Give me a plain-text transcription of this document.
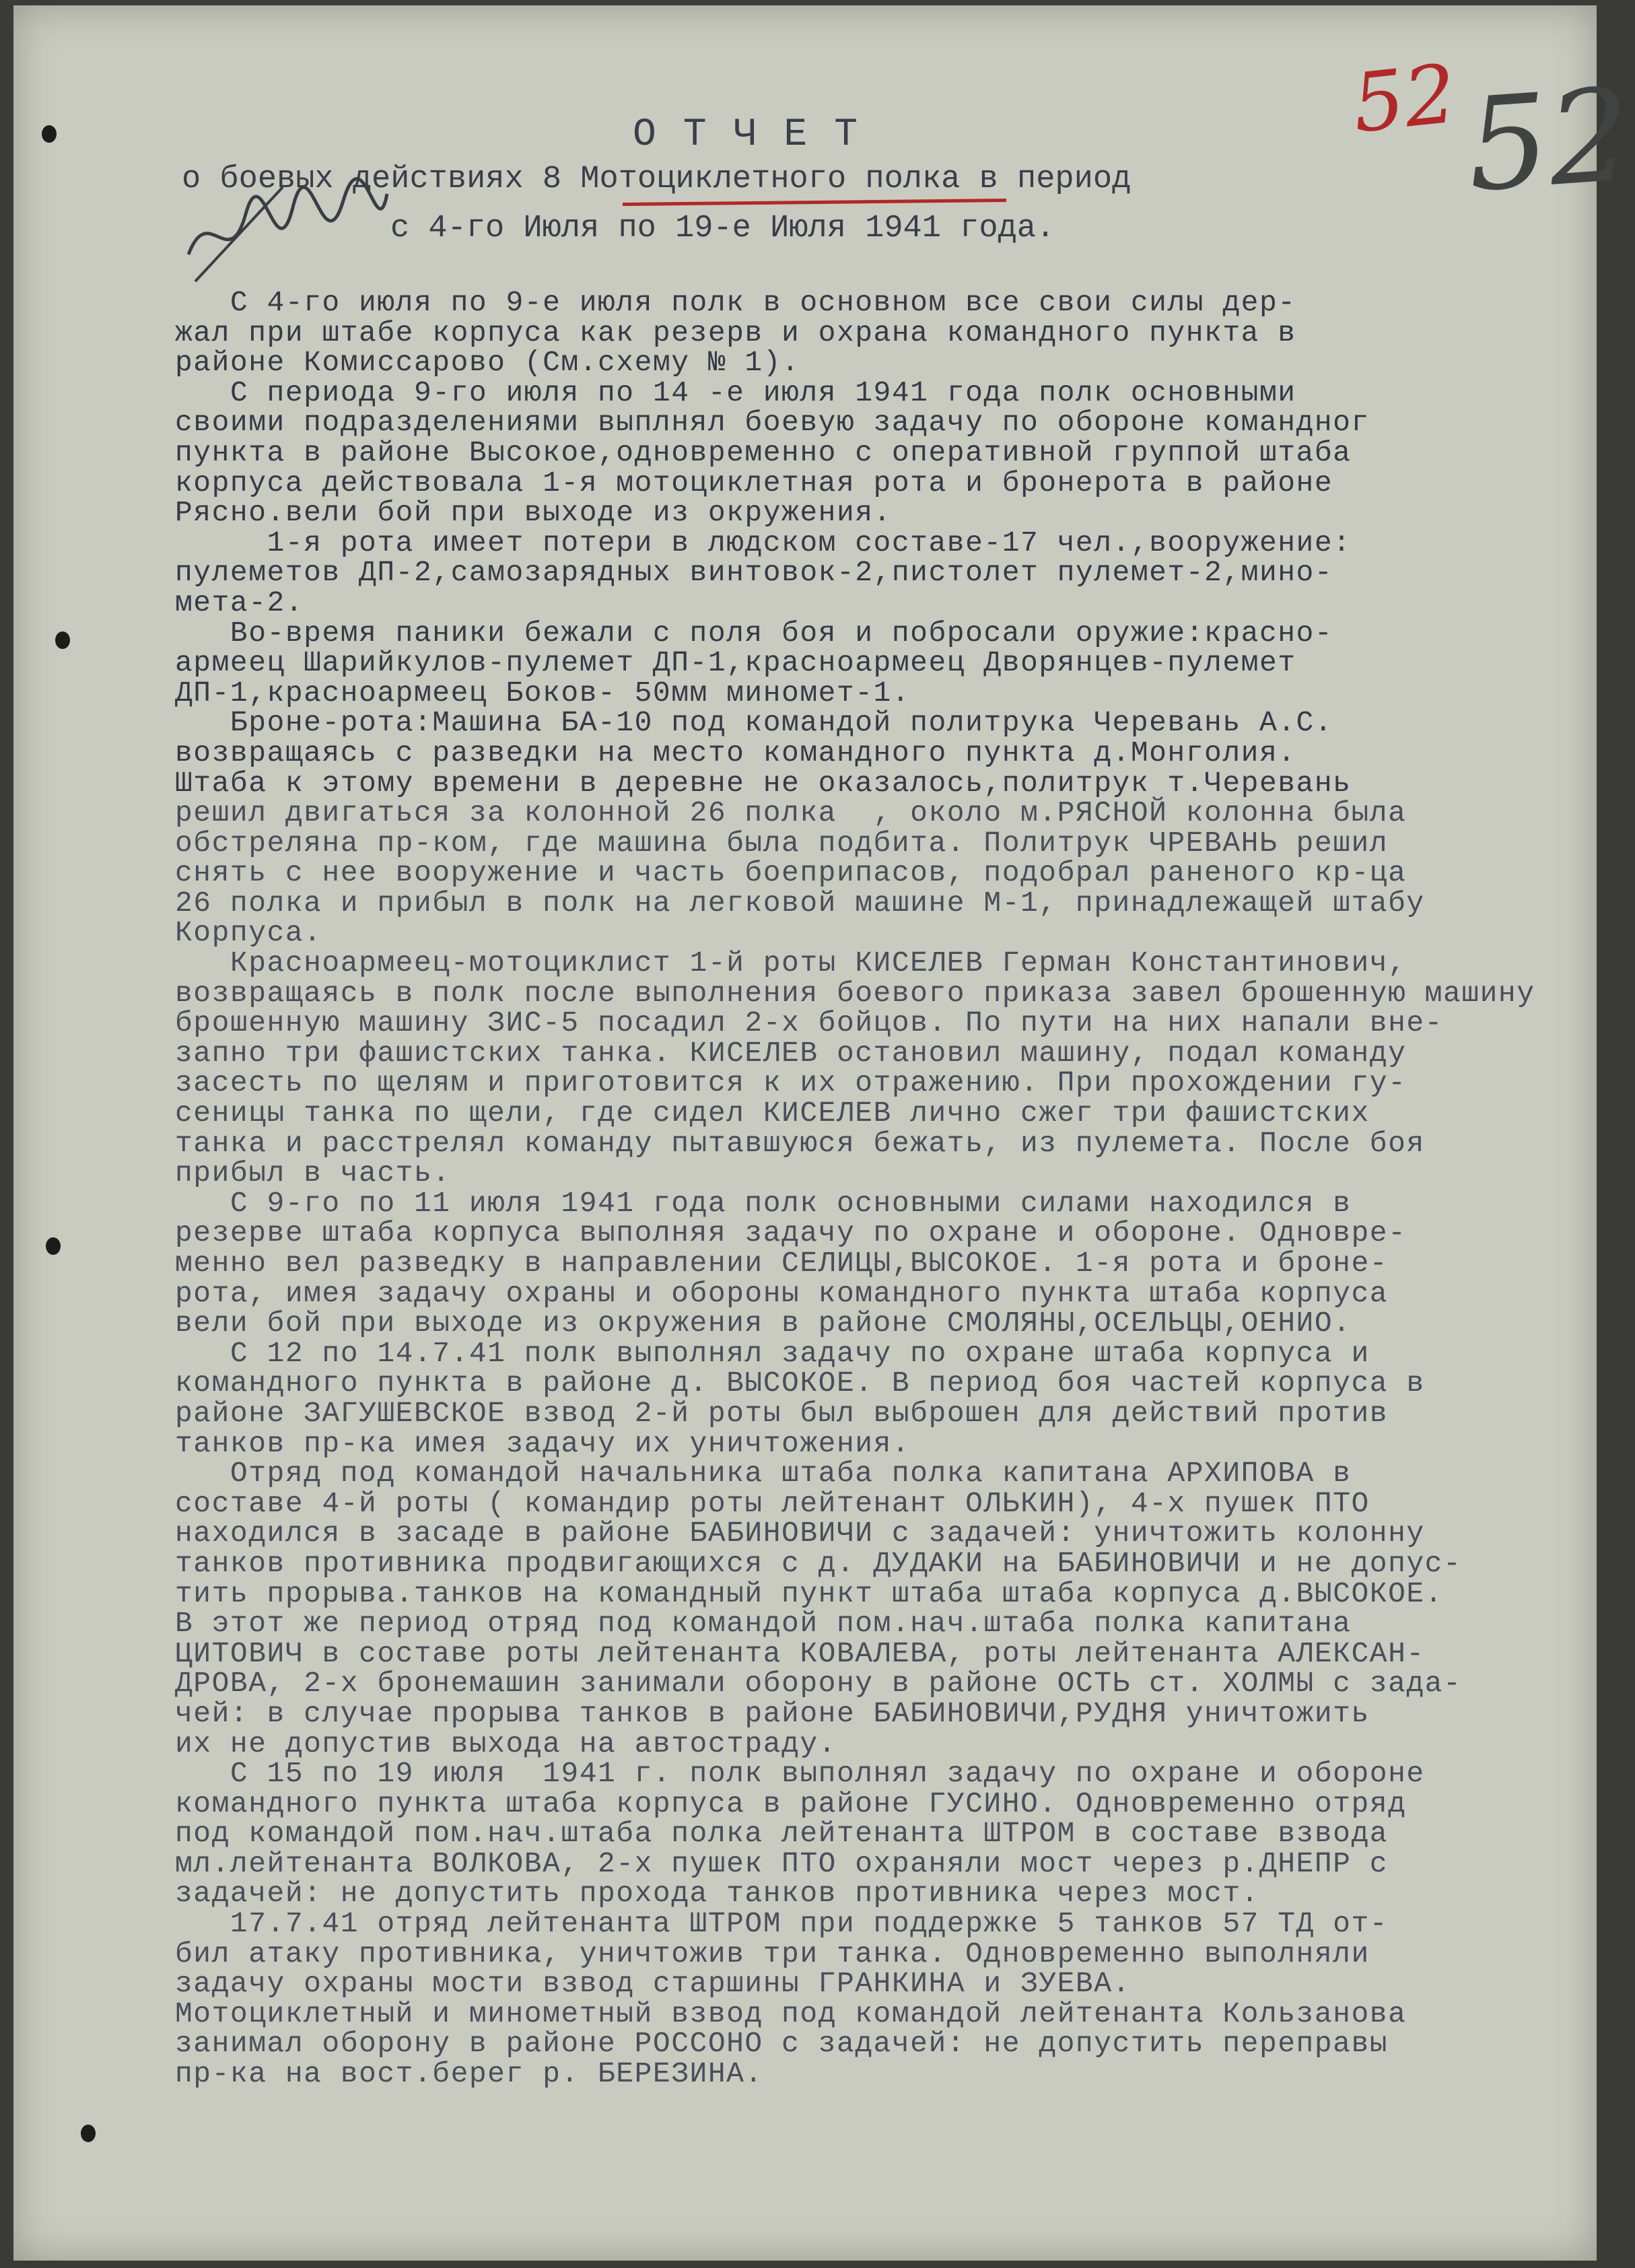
52 52
ОТЧЕТ
о боевых действиях 8 Мотоциклетного полка в период
с 4-го Июля по 19-е Июля 1941 года.
С 4-го июля по 9-е июля полк в основном все свои силы дер-
жал при штабе корпуса как резерв и охрана командного пункта в
районе Комиссарово (См.схему № 1).
С периода 9-го июля по 14 -е июля 1941 года полк основными
своими подразделениями выплнял боевую задачу по обороне командног
пункта в районе Высокое,одновременно с оперативной группой штаба
корпуса действовала 1-я мотоциклетная рота и бронерота в районе
Рясно.вели бой при выходе из окружения.
1-я рота имеет потери в людском составе-17 чел.,вооружение:
пулеметов ДП-2,самозарядных винтовок-2,пистолет пулемет-2,мино-
мета-2.
Во-время паники бежали с поля боя и побросали оружие:красно-
армеец Шарийкулов-пулемет ДП-1,красноармеец Дворянцев-пулемет
ДП-1,красноармеец Боков- 50мм миномет-1.
Броне-рота:Машина БА-10 под командой политрука Черевань А.С.
возвращаясь с разведки на место командного пункта д.Монголия.
Штаба к этому времени в деревне не оказалось,политрук т.Черевань
решил двигаться за колонной 26 полка  , около м.РЯСНОЙ колонна была
обстреляна пр-ком, где машина была подбита. Политрук ЧРЕВАНЬ решил
снять с нее вооружение и часть боеприпасов, подобрал раненого кр-ца
26 полка и прибыл в полк на легковой машине М-1, принадлежащей штабу
Корпуса.
Красноармеец-мотоциклист 1-й роты КИСЕЛЕВ Герман Константинович,
возвращаясь в полк после выполнения боевого приказа завел брошенную машину
брошенную машину ЗИС-5 посадил 2-х бойцов. По пути на них напали вне-
запно три фашистских танка. КИСЕЛЕВ остановил машину, подал команду
засесть по щелям и приготовится к их отражению. При прохождении гу-
сеницы танка по щели, где сидел КИСЕЛЕВ лично сжег три фашистских
танка и расстрелял команду пытавшуюся бежать, из пулемета. После боя
прибыл в часть.
С 9-го по 11 июля 1941 года полк основными силами находился в
резерве штаба корпуса выполняя задачу по охране и обороне. Одновре-
менно вел разведку в направлении СЕЛИЦЫ,ВЫСОКОЕ. 1-я рота и броне-
рота, имея задачу охраны и обороны командного пункта штаба корпуса
вели бой при выходе из окружения в районе СМОЛЯНЫ,ОСЕЛЬЦЫ,ОЕНИО.
С 12 по 14.7.41 полк выполнял задачу по охране штаба корпуса и
командного пункта в районе д. ВЫСОКОЕ. В период боя частей корпуса в
районе ЗАГУШЕВСКОЕ взвод 2-й роты был выброшен для действий против
танков пр-ка имея задачу их уничтожения.
Отряд под командой начальника штаба полка капитана АРХИПОВА в
составе 4-й роты ( командир роты лейтенант ОЛЬКИН), 4-х пушек ПТО
находился в засаде в районе БАБИНОВИЧИ с задачей: уничтожить колонну
танков противника продвигающихся с д. ДУДАКИ на БАБИНОВИЧИ и не допус-
тить прорыва.танков на командный пункт штаба штаба корпуса д.ВЫСОКОЕ.
В этот же период отряд под командой пом.нач.штаба полка капитана
ЦИТОВИЧ в составе роты лейтенанта КОВАЛЕВА, роты лейтенанта АЛЕКСАН-
ДРОВА, 2-х бронемашин занимали оборону в районе ОСТЬ ст. ХОЛМЫ с зада-
чей: в случае прорыва танков в районе БАБИНОВИЧИ,РУДНЯ уничтожить
их не допустив выхода на автостраду.
С 15 по 19 июля  1941 г. полк выполнял задачу по охране и обороне
командного пункта штаба корпуса в районе ГУСИНО. Одновременно отряд
под командой пом.нач.штаба полка лейтенанта ШТРОМ в составе взвода
мл.лейтенанта ВОЛКОВА, 2-х пушек ПТО охраняли мост через р.ДНЕПР с
задачей: не допустить прохода танков противника через мост.
17.7.41 отряд лейтенанта ШТРОМ при поддержке 5 танков 57 ТД от-
бил атаку противника, уничтожив три танка. Одновременно выполняли
задачу охраны мости взвод старшины ГРАНКИНА и ЗУЕВА.
Мотоциклетный и минометный взвод под командой лейтенанта Кользанова
занимал оборону в районе РОССОНО с задачей: не допустить переправы
пр-ка на вост.берег р. БЕРЕЗИНА.
